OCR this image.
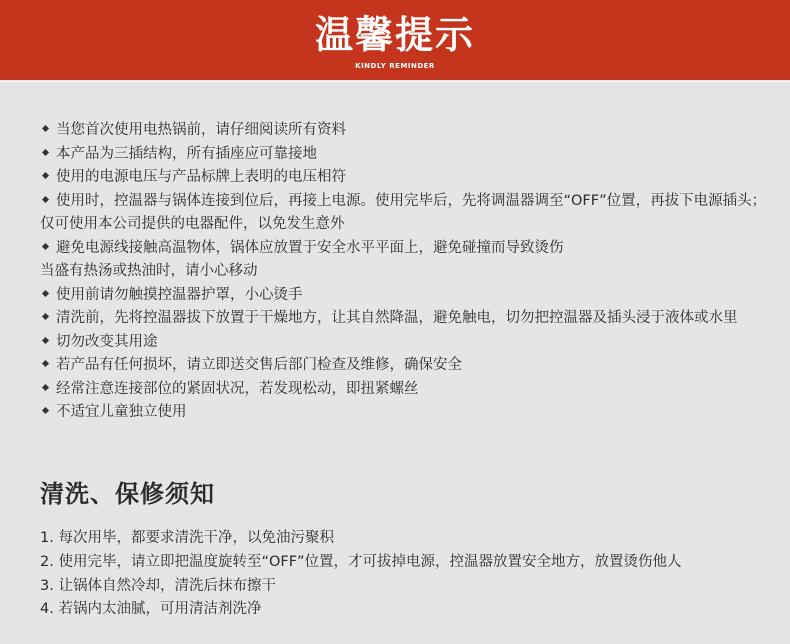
温馨提示
KINDLY REMINDER
当您首次使用电热锅前，请仔细阅读所有资料
本产品为三插结构，所有插座应可靠接地
使用的电源电压与产品标牌上表明的电压相符
使用时，控温器与锅体连接到位后，再接上电源。使用完毕后，先将调温器调至“OFF”位置，再拔下电源插头；仅可使用本公司提供的电器配件，以免发生意外
避免电源线接触高温物体，锅体应放置于安全水平平面上，避免碰撞而导致烫伤
当盛有热汤或热油时，请小心移动
使用前请勿触摸控温器护罩，小心烫手
清洗前，先将控温器拔下放置于干燥地方，让其自然降温，避免触电，切勿把控温器及插头浸于液体或水里
切勿改变其用途
若产品有任何损坏，请立即送交售后部门检查及维修，确保安全
经常注意连接部位的紧固状况，若发现松动，即扭紧螺丝
不适宜儿童独立使用
清洗、保修须知
1. 每次用毕，都要求清洗干净，以免油污聚积
2. 使用完毕，请立即把温度旋转至“OFF”位置，才可拔掉电源，控温器放置安全地方，放置烫伤他人
3. 让锅体自然冷却，清洗后抹布擦干
4. 若锅内太油腻，可用清洁剂洗净
